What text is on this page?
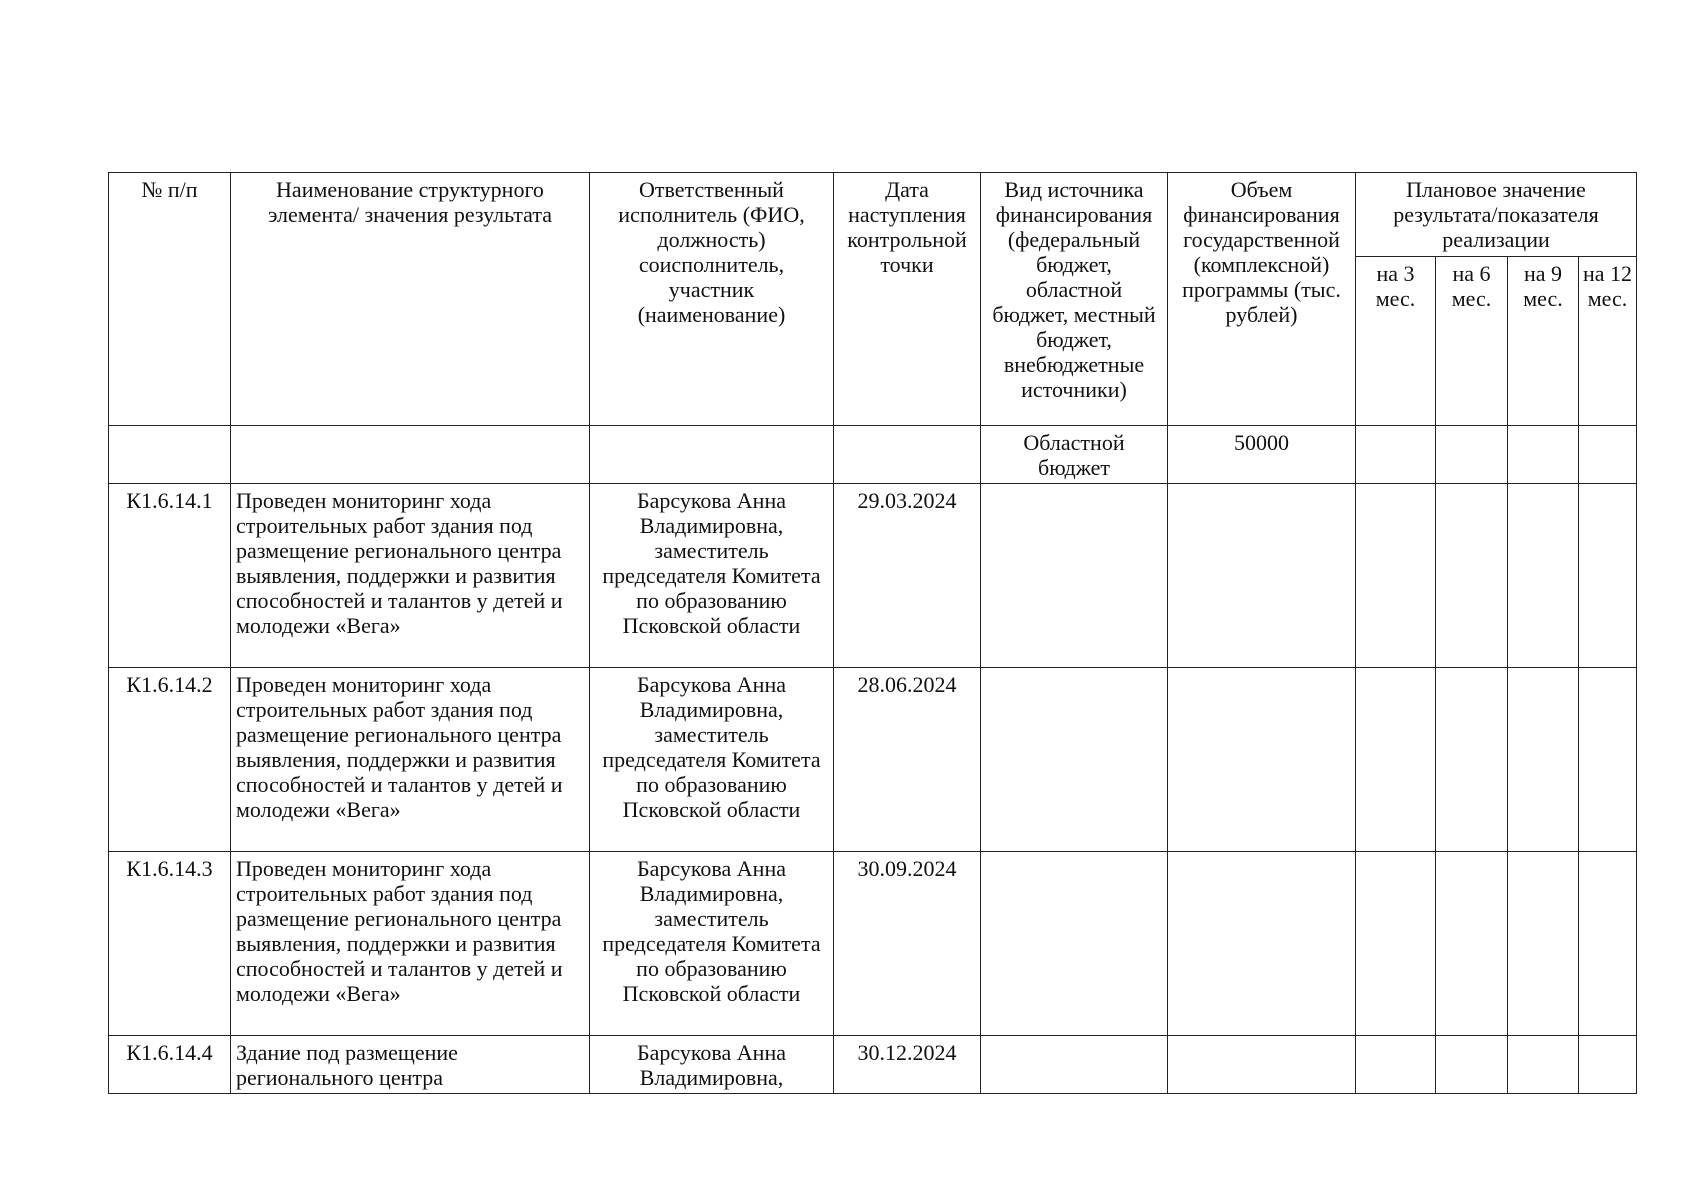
№ п/п	Наименование структурного элемента/ значения результата	Ответственный исполнитель (ФИО, должность) соисполнитель, участник (наименование)	Дата наступления контрольной точки	Вид источника финансирования (федеральный бюджет, областной бюджет, местный бюджет, внебюджетные источники)	Объем финансирования государственной (комплексной) программы (тыс. рублей)	Плановое значение результата/показателя реализации			
						на 3 мес.	на 6 мес.	на 9 мес.	на 12 мес.
				Областной бюджет	50000				
К1.6.14.1	Проведен мониторинг хода строительных работ здания под размещение регионального центра выявления, поддержки и развития способностей и талантов у детей и молодежи «Вега»	Барсукова Анна Владимировна, заместитель председателя Комитета по образованию Псковской области	29.03.2024						
К1.6.14.2	Проведен мониторинг хода строительных работ здания под размещение регионального центра выявления, поддержки и развития способностей и талантов у детей и молодежи «Вега»	Барсукова Анна Владимировна, заместитель председателя Комитета по образованию Псковской области	28.06.2024						
К1.6.14.3	Проведен мониторинг хода строительных работ здания под размещение регионального центра выявления, поддержки и развития способностей и талантов у детей и молодежи «Вега»	Барсукова Анна Владимировна, заместитель председателя Комитета по образованию Псковской области	30.09.2024						
К1.6.14.4	Здание под размещение регионального центра	Барсукова Анна Владимировна,	30.12.2024						
